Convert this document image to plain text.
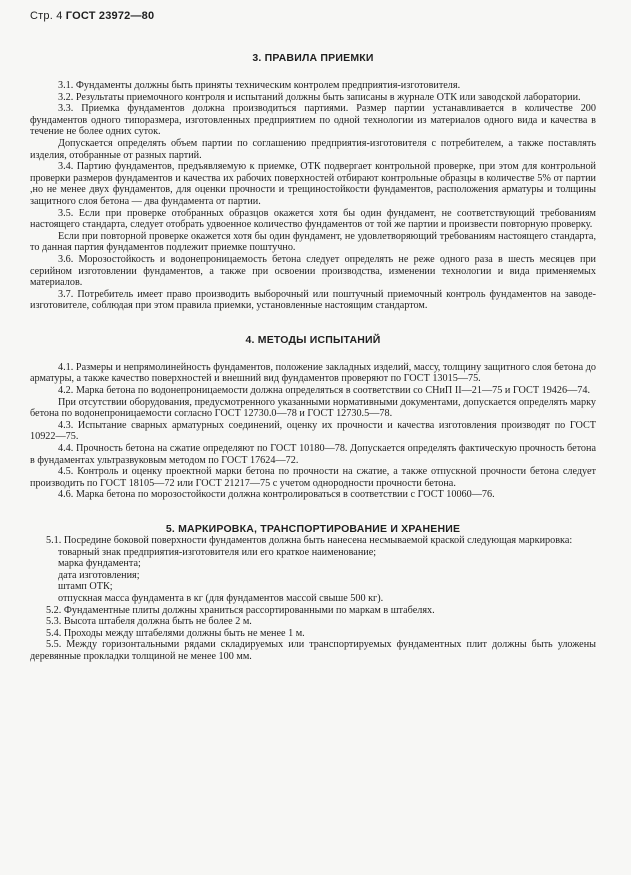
Стр. 4 ГОСТ 23972—80
3. ПРАВИЛА ПРИЕМКИ

3.1. Фундаменты должны быть приняты техническим контролем предприятия-изготовителя.

3.2. Результаты приемочного контроля и испытаний должны быть записаны в журнале ОТК или заводской лаборатории.

3.3. Приемка фундаментов должна производиться партиями. Размер партии устанавливается в количестве 200 фундаментов одного типоразмера, изготовленных предприятием по одной технологии из материалов одного вида и качества в течение не более одних суток.

Допускается определять объем партии по соглашению предприятия-изготовителя с потребителем, а также поставлять изделия, отобранные от разных партий.

3.4. Партию фундаментов, предъявляемую к приемке, ОТК подвергает контрольной проверке, при этом для контрольной проверки размеров фундаментов и качества их рабочих поверхностей отбирают контрольные образцы в количестве 5% от партии ,но не менее двух фундаментов, для оценки прочности и трещиностойкости фундаментов, расположения арматуры и толщины защитного слоя бетона — два фундамента от партии.

3.5. Если при проверке отобранных образцов окажется хотя бы один фундамент, не соответствующий требованиям настоящего стандарта, следует отобрать удвоенное количество фундаментов от той же партии и произвести повторную проверку.

Если при повторной проверке окажется хотя бы один фундамент, не удовлетворяющий требованиям настоящего стандарта, то данная партия фундаментов подлежит приемке поштучно.

3.6. Морозостойкость и водонепроницаемость бетона следует определять не реже одного раза в шесть месяцев при серийном изготовлении фундаментов, а также при освоении производства, изменении технологии и вида применяемых материалов.

3.7. Потребитель имеет право производить выборочный или поштучный приемочный контроль фундаментов на заводе-изготовителе, соблюдая при этом правила приемки, установленные настоящим стандартом.

4. МЕТОДЫ ИСПЫТАНИЙ

4.1. Размеры и непрямолинейность фундаментов, положение закладных изделий, массу, толщину защитного слоя бетона до арматуры, а также качество поверхностей и внешний вид фундаментов проверяют по ГОСТ 13015—75.

4.2. Марка бетона по водонепроницаемости должна определяться в соответствии со СНиП II—21—75 и ГОСТ 19426—74.

При отсутствии оборудования, предусмотренного указанными нормативными документами, допускается определять марку бетона по водонепроницаемости согласно ГОСТ 12730.0—78 и ГОСТ 12730.5—78.

4.3. Испытание сварных арматурных соединений, оценку их прочности и качества изготовления производят по ГОСТ 10922—75.

4.4. Прочность бетона на сжатие определяют по ГОСТ 10180—78. Допускается определять фактическую прочность бетона в фундаментах ультразвуковым методом по ГОСТ 17624—72.

4.5. Контроль и оценку проектной марки бетона по прочности на сжатие, а также отпускной прочности бетона следует производить по ГОСТ 18105—72 или ГОСТ 21217—75 с учетом однородности прочности бетона.

4.6. Марка бетона по морозостойкости должна контролироваться в соответствии с ГОСТ 10060—76.

5. МАРКИРОВКА, ТРАНСПОРТИРОВАНИЕ И ХРАНЕНИЕ

5.1. Посредине боковой поверхности фундаментов должна быть нанесена несмываемой краской следующая маркировка:

товарный знак предприятия-изготовителя или его краткое наименование;

марка фундамента;

дата изготовления;

штамп ОТК;

отпускная масса фундамента в кг (для фундаментов массой свыше 500 кг).

5.2. Фундаментные плиты должны храниться рассортированными по маркам в штабелях.

5.3. Высота штабеля должна быть не более 2 м.

5.4. Проходы между штабелями должны быть не менее 1 м.

5.5. Между горизонтальными рядами складируемых или транспортируемых фундаментных плит должны быть уложены деревянные прокладки толщиной не менее 100 мм.
